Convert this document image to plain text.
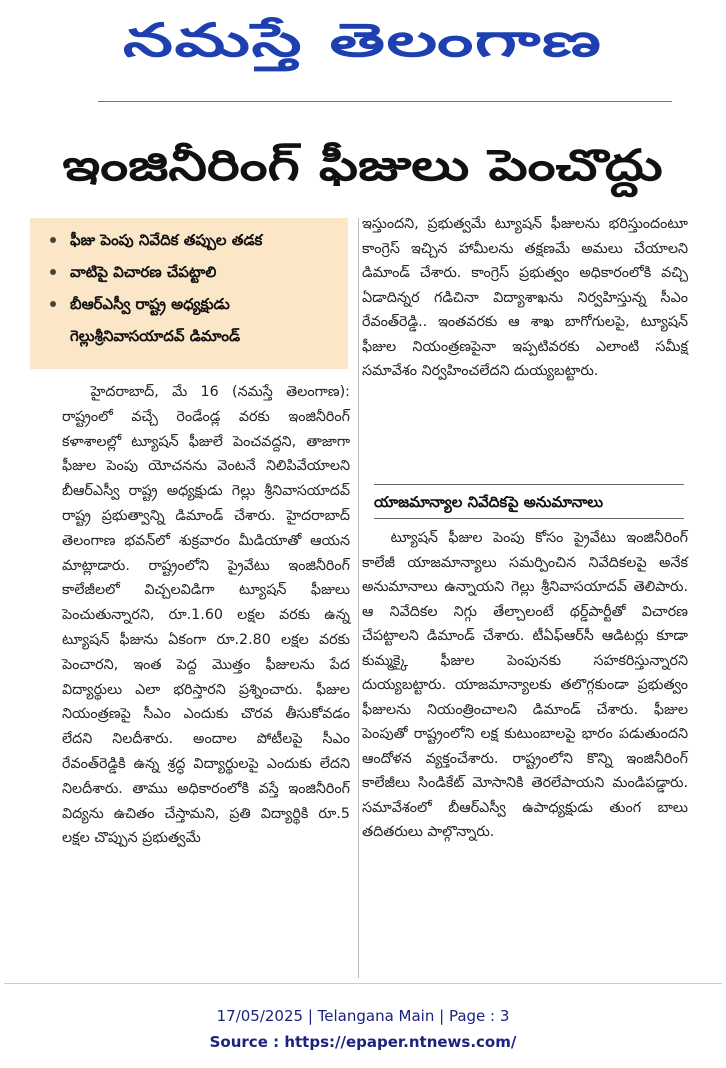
నమస్తే తెలంగాణ
ఇంజినీరింగ్ ఫీజులు పెంచొద్దు
ఫీజు పెంపు నివేదిక తప్పుల తడక
వాటిపై విచారణ చేపట్టాలి
బీఆర్‌ఎస్వీ రాష్ట్ర అధ్యక్షుడు
గెల్లుశ్రీనివాసయాదవ్ డిమాండ్

హైదరాబాద్, మే 16 (నమస్తే తెలంగాణ): రాష్ట్రంలో వచ్చే రెండేండ్ల వరకు ఇంజినీరింగ్ కళాశాలల్లో ట్యూషన్ ఫీజులే పెంచవద్దని, తాజాగా ఫీజుల పెంపు యోచనను వెంటనే నిలిపివేయాలని బీఆర్‌ఎస్వీ రాష్ట్ర అధ్యక్షుడు గెల్లు శ్రీనివాసయాదవ్ రాష్ట్ర ప్రభుత్వాన్ని డిమాండ్ చేశారు. హైదరాబాద్ తెలంగాణ భవన్‌లో శుక్రవారం మీడియాతో ఆయన మాట్లాడారు. రాష్ట్రంలోని ప్రైవేటు ఇంజినీరింగ్ కాలేజీలలో విచ్చలవిడిగా ట్యూషన్ ఫీజులు పెంచుతున్నారని, రూ.1.60 లక్షల వరకు ఉన్న ట్యూషన్ ఫీజును ఏకంగా రూ.2.80 లక్షల వరకు పెంచారని, ఇంత పెద్ద మొత్తం ఫీజులను పేద విద్యార్థులు ఎలా భరిస్తారని ప్రశ్నించారు. ఫీజుల నియంత్రణపై సీఎం ఎందుకు చొరవ తీసుకోవడం లేదని నిలదీశారు. అందాల పోటీలపై సీఎం రేవంత్‌రెడ్డికి ఉన్న శ్రద్ధ విద్యార్థులపై ఎందుకు లేదని నిలదీశారు. తాము అధికారంలోకి వస్తే ఇంజినీరింగ్ విద్యను ఉచితం చేస్తామని, ప్రతి విద్యార్థికి రూ.5 లక్షల చొప్పున ప్రభుత్వమే

ఇస్తుందని, ప్రభుత్వమే ట్యూషన్ ఫీజులను భరిస్తుందంటూ కాంగ్రెస్ ఇచ్చిన హామీలను తక్షణమే అమలు చేయాలని డిమాండ్ చేశారు. కాంగ్రెస్ ప్రభుత్వం అధికారంలోకి వచ్చి ఏడాదిన్నర గడిచినా విద్యాశాఖను నిర్వహిస్తున్న సీఎం రేవంత్‌రెడ్డి.. ఇంతవరకు ఆ శాఖ బాగోగులపై, ట్యూషన్ ఫీజుల నియంత్రణపైనా ఇప్పటివరకు ఎలాంటి సమీక్ష సమావేశం నిర్వహించలేదని దుయ్యబట్టారు.

యాజమాన్యాల నివేదికపై అనుమానాలు

ట్యూషన్ ఫీజుల పెంపు కోసం ప్రైవేటు ఇంజినీరింగ్ కాలేజీ యాజమాన్యాలు సమర్పించిన నివేదికలపై అనేక అనుమానాలు ఉన్నాయని గెల్లు శ్రీనివాసయాదవ్ తెలిపారు. ఆ నివేదికల నిగ్గు తేల్చాలంటే థర్డ్‌పార్టీతో విచారణ చేపట్టాలని డిమాండ్ చేశారు. టీఏఫ్‌ఆర్‌సీ ఆడిటర్లు కూడా కుమ్మక్కై ఫీజుల పెంపునకు సహకరిస్తున్నారని దుయ్యబట్టారు. యాజమాన్యాలకు తలొగ్గకుండా ప్రభుత్వం ఫీజులను నియంత్రించాలని డిమాండ్ చేశారు. ఫీజుల పెంపుతో రాష్ట్రంలోని లక్ష కుటుంబాలపై భారం పడుతుందని ఆందోళన వ్యక్తంచేశారు. రాష్ట్రంలోని కొన్ని ఇంజినీరింగ్ కాలేజీలు సిండికేట్ మోసానికి తెరలేపాయని మండిపడ్డారు. సమావేశంలో బీఆర్‌ఎస్వీ ఉపాధ్యక్షుడు తుంగ బాలు తదితరులు పాల్గొన్నారు.

17/05/2025 | Telangana Main | Page : 3
Source : https://epaper.ntnews.com/
